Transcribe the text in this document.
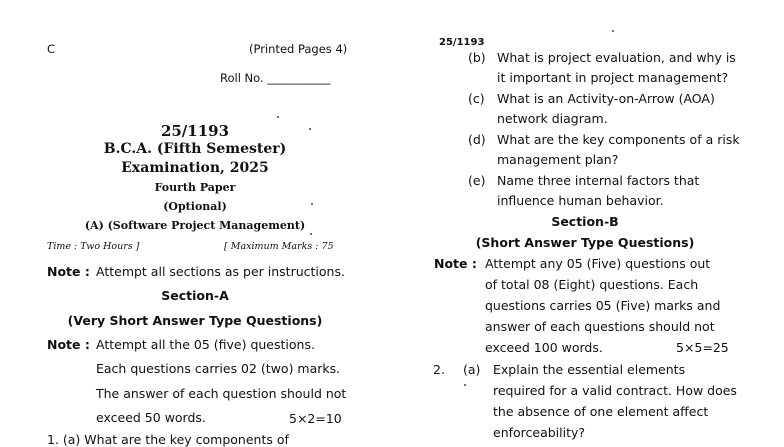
C	(Printed Pages 4)
Roll No. ___________
25/1193
B.C.A. (Fifth Semester)
Examination, 2025
Fourth Paper
(Optional)
(A) (Software Project Management)
Time : Two Hours ]	[ Maximum Marks : 75
Note : Attempt all sections as per instructions.
Section-A
(Very Short Answer Type Questions)
Note : Attempt all the 05 (five) questions.
Each questions carries 02 (two) marks.
The answer of each question should not
exceed 50 words.	5×2=10
1. (a) What are the key components of
25/1193
(b) What is project evaluation, and why is
it important in project management?
(c) What is an Activity-on-Arrow (AOA)
network diagram.
(d) What are the key components of a risk
management plan?
(e) Name three internal factors that
influence human behavior.
Section-B
(Short Answer Type Questions)
Note : Attempt any 05 (Five) questions out
of total 08 (Eight) questions. Each
questions carries 05 (Five) marks and
answer of each questions should not
exceed 100 words.	5×5=25
2. (a) Explain the essential elements
required for a valid contract. How does
the absence of one element affect
enforceability?
